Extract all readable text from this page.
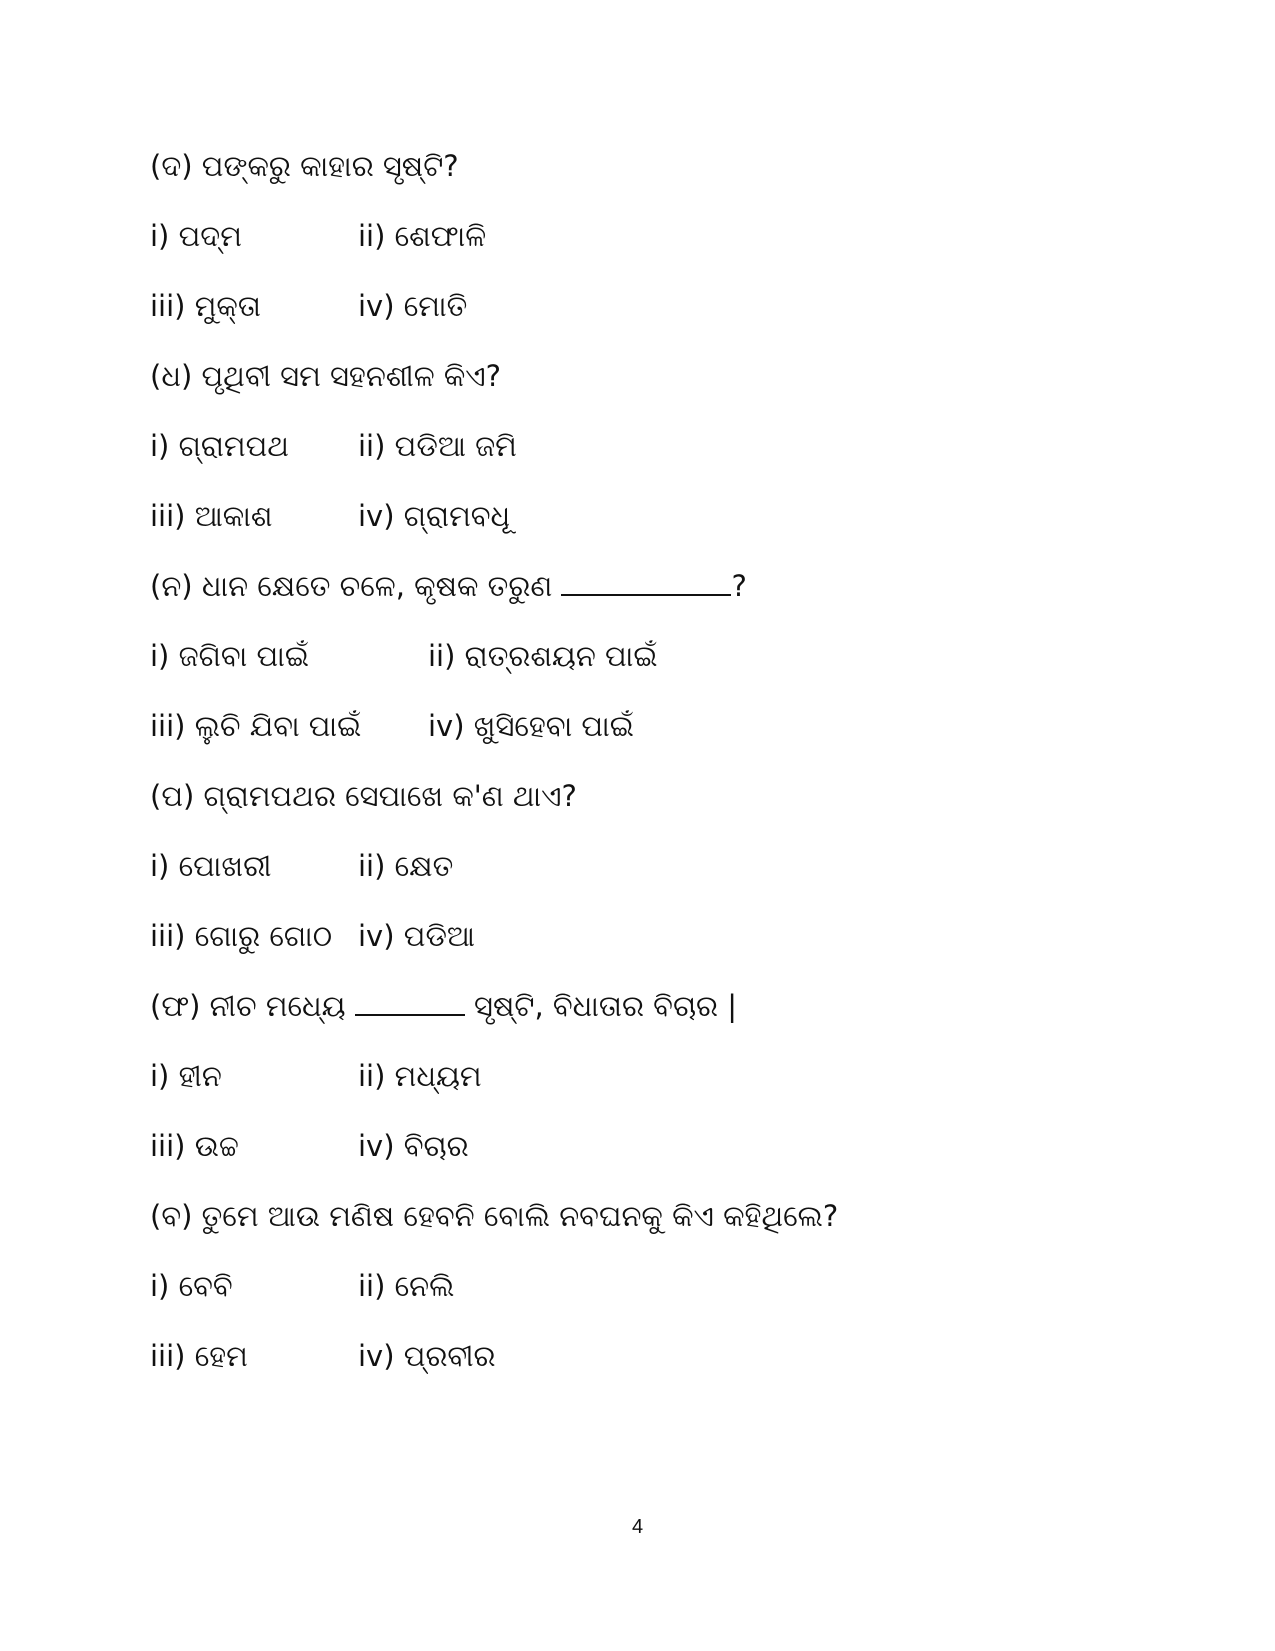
(ଦ) ପଙ୍କରୁ କାହାର ସୃଷ୍ଟି?
i) ପଦ୍ମ	ii) ଶେଫାଳି
iii) ମୁକ୍ତା	iv) ମୋତି
(ଧ) ପୃଥିବୀ ସମ ସହନଶୀଳ କିଏ?
i) ଗ୍ରାମପଥ ii) ପଡିଆ ଜମି
iii) ଆକାଶ	iv) ଗ୍ରାମବଧୂ
(ନ) ଧାନ କ୍ଷେତେ ଚଳେ, କୃଷକ ତରୁଣ	?
i) ଜଗିବା ପାଇଁ	ii) ରାତ୍ରଶୟନ ପାଇଁ
iii) ଲୁଚି ଯିବା ପାଇଁ iv) ଖୁସିହେବା ପାଇଁ
(ପ) ଗ୍ରାମପଥର ସେପାଖେ କ'ଣ ଥାଏ?
i) ପୋଖରୀ	ii) କ୍ଷେତ
iii) ଗୋରୁ ଗୋଠ iv) ପଡିଆ
(ଫ) ନୀଚ ମଧ୍ୟେ	ସୃଷ୍ଟି, ବିଧାତାର ବିଚାର |
i) ହୀନ	ii) ମଧ୍ୟମ
iii) ଉଚ୍ଚ	iv) ବିଚାର
(ବ) ତୁମେ ଆଉ ମଣିଷ ହେବନି ବୋଲି ନବଘନକୁ କିଏ କହିଥିଲେ?
i) ବେବି	ii) ନେଲି
iii) ହେମ	iv) ପ୍ରବୀର
4
